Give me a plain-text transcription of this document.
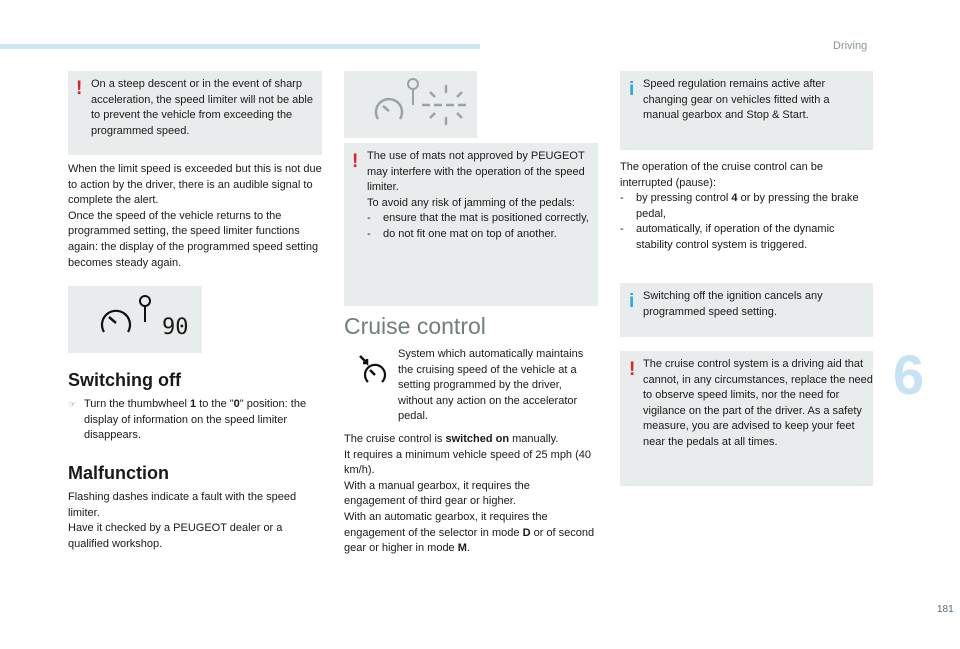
Driving
6
181
! On a steep descent or in the event of sharp acceleration, the speed limiter will not be able to prevent the vehicle from exceeding the programmed speed.
When the limit speed is exceeded but this is not due to action by the driver, there is an audible signal to complete the alert.
Once the speed of the vehicle returns to the programmed setting, the speed limiter functions again: the display of the programmed speed setting becomes steady again.
90
Switching off
☞ Turn the thumbwheel 1 to the "0" position: the display of information on the speed limiter disappears.
Malfunction
Flashing dashes indicate a fault with the speed limiter.
Have it checked by a PEUGEOT dealer or a qualified workshop.
! The use of mats not approved by PEUGEOT may interfere with the operation of the speed limiter.
To avoid any risk of jamming of the pedals:
-	ensure that the mat is positioned correctly,
-	do not fit one mat on top of another.
Cruise control
System which automatically maintains the cruising speed of the vehicle at a setting programmed by the driver, without any action on the accelerator pedal.
The cruise control is switched on manually.
It requires a minimum vehicle speed of 25 mph (40 km/h).
With a manual gearbox, it requires the engagement of third gear or higher.
With an automatic gearbox, it requires the engagement of the selector in mode D or of second gear or higher in mode M.
i Speed regulation remains active after changing gear on vehicles fitted with a manual gearbox and Stop & Start.
The operation of the cruise control can be interrupted (pause):
-	by pressing control 4 or by pressing the brake pedal,
-	automatically, if operation of the dynamic stability control system is triggered.
i Switching off the ignition cancels any programmed speed setting.
! The cruise control system is a driving aid that cannot, in any circumstances, replace the need to observe speed limits, nor the need for vigilance on the part of the driver. As a safety measure, you are advised to keep your feet near the pedals at all times.
